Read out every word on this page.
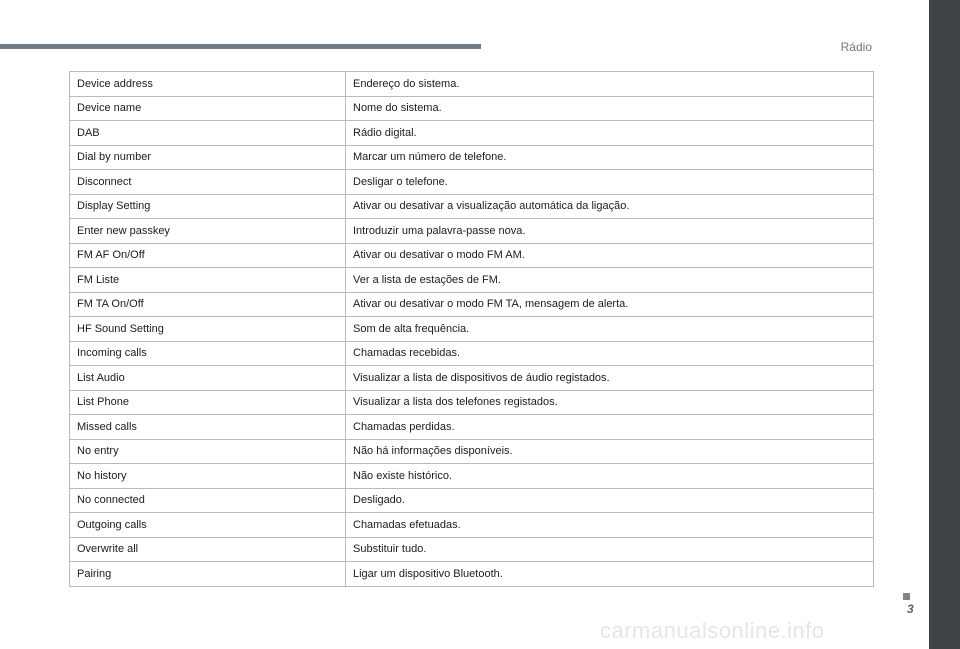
Rádio
Device address	Endereço do sistema.
Device name	Nome do sistema.
DAB	Rádio digital.
Dial by number	Marcar um número de telefone.
Disconnect	Desligar o telefone.
Display Setting	Ativar ou desativar a visualização automática da ligação.
Enter new passkey	Introduzir uma palavra-passe nova.
FM AF On/Off	Ativar ou desativar o modo FM AM.
FM Liste	Ver a lista de estações de FM.
FM TA On/Off	Ativar ou desativar o modo FM TA, mensagem de alerta.
HF Sound Setting	Som de alta frequência.
Incoming calls	Chamadas recebidas.
List Audio	Visualizar a lista de dispositivos de áudio registados.
List Phone	Visualizar a lista dos telefones registados.
Missed calls	Chamadas perdidas.
No entry	Não há informações disponíveis.
No history	Não existe histórico.
No connected	Desligado.
Outgoing calls	Chamadas efetuadas.
Overwrite all	Substituir tudo.
Pairing	Ligar um dispositivo Bluetooth.
3
carmanualsonline.info
